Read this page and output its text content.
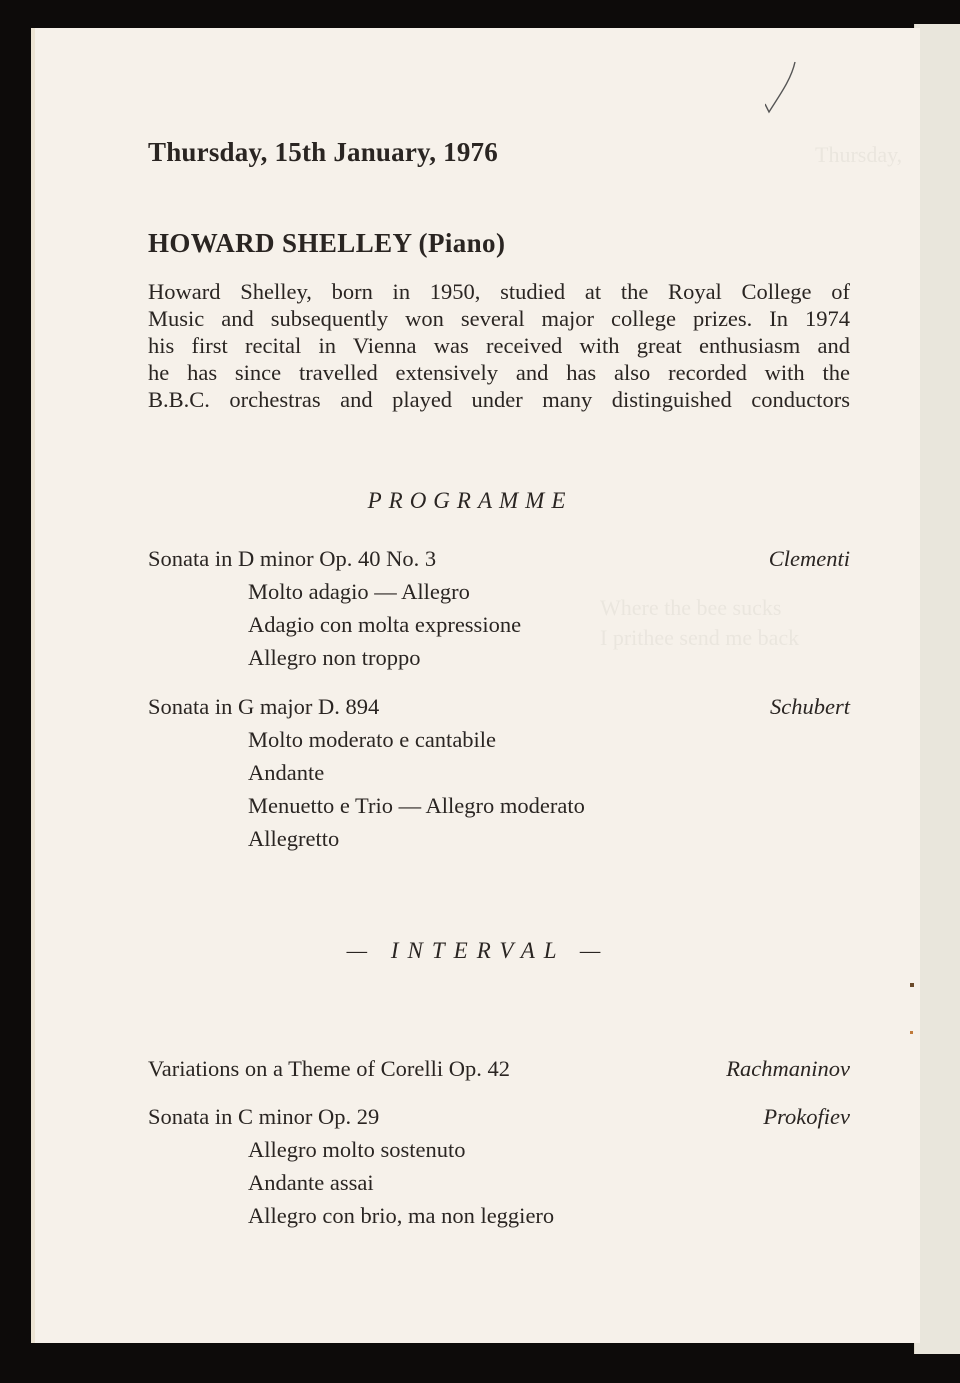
Thursday,
Where the bee sucks
I prithee send me back
Thursday, 15th January, 1976
HOWARD SHELLEY (Piano)
Howard Shelley, born in 1950, studied at the Royal College of
Music and subsequently won several major college prizes. In 1974
his first recital in Vienna was received with great enthusiasm and
he has since travelled extensively and has also recorded with the
B.B.C. orchestras and played under many distinguished conductors
PROGRAMME
Sonata in D minor Op. 40 No. 3	Clementi
Molto adagio — Allegro
Adagio con molta expressione
Allegro non troppo
Sonata in G major D. 894	Schubert
Molto moderato e cantabile
Andante
Menuetto e Trio — Allegro moderato
Allegretto
— INTERVAL —
Variations on a Theme of Corelli Op. 42	Rachmaninov
Sonata in C minor Op. 29	Prokofiev
Allegro molto sostenuto
Andante assai
Allegro con brio, ma non leggiero
